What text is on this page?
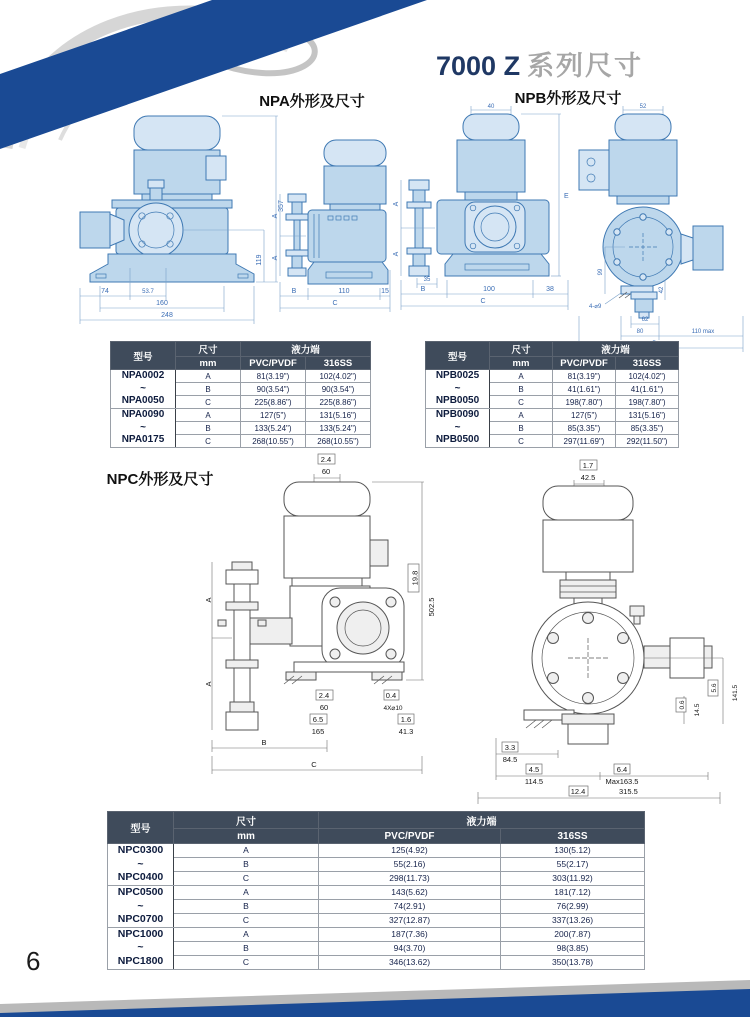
7000 Z 系列尺寸
NPA外形及尺寸	NPB外形及尺寸
NPC外形及尺寸
357
119
74	53.7
160
248
A
A
B	110	15
C
40
A
A
E
35
B	100	38
C
52
99
4-⌀9
42
62
80	110 max
型号	尺寸	液力端	
	mm	PVC/PVDF	316SS

NPA0002
~
NPA0050	A	81(3.19")	102(4.02")
	B	90(3.54")	90(3.54")
	C	225(8.86")	225(8.86")

NPA0090
~
NPA0175	A	127(5")	131(5.16")
	B	133(5.24")	133(5.24")
	C	268(10.55")	268(10.55")
型号	尺寸	液力端	
	mm	PVC/PVDF	316SS

NPB0025
~
NPB0050	A	81(3.19")	102(4.02")
	B	41(1.61")	41(1.61")
	C	198(7.80")	198(7.80")

NPB0090
~
NPB0500	A	127(5")	131(5.16")
	B	85(3.35")	85(3.35")
	C	297(11.69")	292(11.50")
2.4
60
19.8
502.5
A
A
2.4
60
0.4
4X⌀10
6.5
165
1.6
41.3
B
C
1.7
42.5
0.6 14.5
5.6 141.5
3.3
84.5
4.5
114.5
6.4
Max163.5
12.4	315.5
型号	尺寸	液力端	
	mm	PVC/PVDF	316SS

NPC0300
~
NPC0400	A	125(4.92)	130(5.12)
	B	55(2.16)	55(2.17)
	C	298(11.73)	303(11.92)

NPC0500
~
NPC0700	A	143(5.62)	181(7.12)
	B	74(2.91)	76(2.99)
	C	327(12.87)	337(13.26)

NPC1000
~
NPC1800	A	187(7.36)	200(7.87)
	B	94(3.70)	98(3.85)
	C	346(13.62)	350(13.78)
6
